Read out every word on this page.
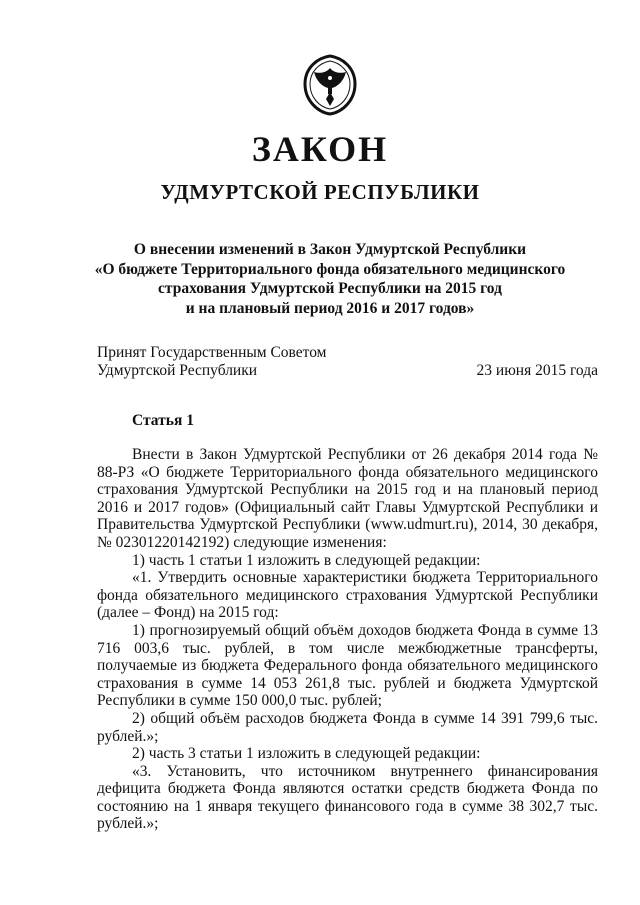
ЗАКОН
УДМУРТСКОЙ РЕСПУБЛИКИ
О внесении изменений в Закон Удмуртской Республики
«О бюджете Территориального фонда обязательного медицинского
страхования Удмуртской Республики на 2015 год
и на плановый период 2016 и 2017 годов»
Принят Государственным Советом
Удмуртской Республики	23 июня 2015 года
Статья 1

Внести в Закон Удмуртской Республики от 26 декабря 2014 года № 88-РЗ «О бюджете Территориального фонда обязательного медицинского страхования Удмуртской Республики на 2015 год и на плановый период 2016 и 2017 годов» (Официальный сайт Главы Удмуртской Республики и Правительства Удмуртской Республики (www.udmurt.ru), 2014, 30 декабря, № 02301220142192) следующие изменения:

1) часть 1 статьи 1 изложить в следующей редакции:

«1. Утвердить основные характеристики бюджета Территориального фонда обязательного медицинского страхования Удмуртской Республики (далее – Фонд) на 2015 год:

1) прогнозируемый общий объём доходов бюджета Фонда в сумме 13 716 003,6 тыс. рублей, в том числе межбюджетные трансферты, получаемые из бюджета Федерального фонда обязательного медицинского страхования в сумме 14 053 261,8 тыс. рублей и бюджета Удмуртской Республики в сумме 150 000,0 тыс. рублей;

2) общий объём расходов бюджета Фонда в сумме 14 391 799,6 тыс. рублей.»;

2) часть 3 статьи 1 изложить в следующей редакции:

«3. Установить, что источником внутреннего финансирования дефицита бюджета Фонда являются остатки средств бюджета Фонда по состоянию на 1 января текущего финансового года в сумме 38 302,7 тыс. рублей.»;
